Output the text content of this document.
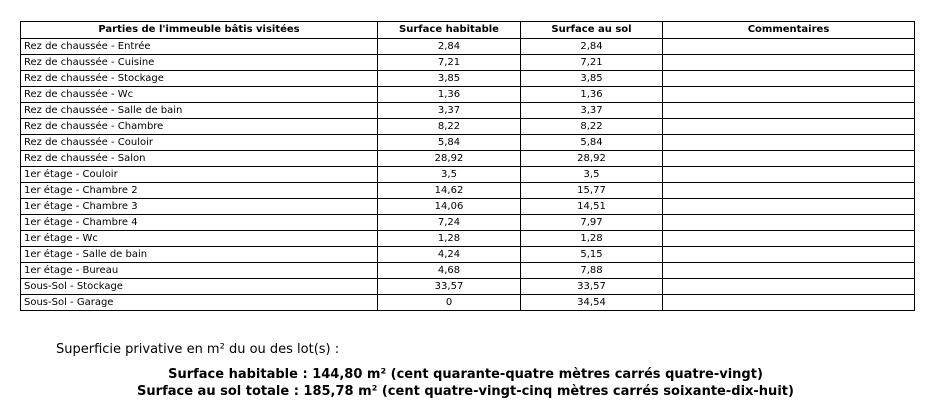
Parties de l'immeuble bâtis visitées	Surface habitable	Surface au sol	Commentaires
Rez de chaussée - Entrée	2,84	2,84	
Rez de chaussée - Cuisine	7,21	7,21	
Rez de chaussée - Stockage	3,85	3,85	
Rez de chaussée - Wc	1,36	1,36	
Rez de chaussée - Salle de bain	3,37	3,37	
Rez de chaussée - Chambre	8,22	8,22	
Rez de chaussée - Couloir	5,84	5,84	
Rez de chaussée - Salon	28,92	28,92	
1er étage - Couloir	3,5	3,5	
1er étage - Chambre 2	14,62	15,77	
1er étage - Chambre 3	14,06	14,51	
1er étage - Chambre 4	7,24	7,97	
1er étage - Wc	1,28	1,28	
1er étage - Salle de bain	4,24	5,15	
1er étage - Bureau	4,68	7,88	
Sous-Sol - Stockage	33,57	33,57	
Sous-Sol - Garage	0	34,54	
Superficie privative en m² du ou des lot(s) :
Surface habitable : 144,80 m² (cent quarante-quatre mètres carrés quatre-vingt)
Surface au sol totale : 185,78 m² (cent quatre-vingt-cinq mètres carrés soixante-dix-huit)
